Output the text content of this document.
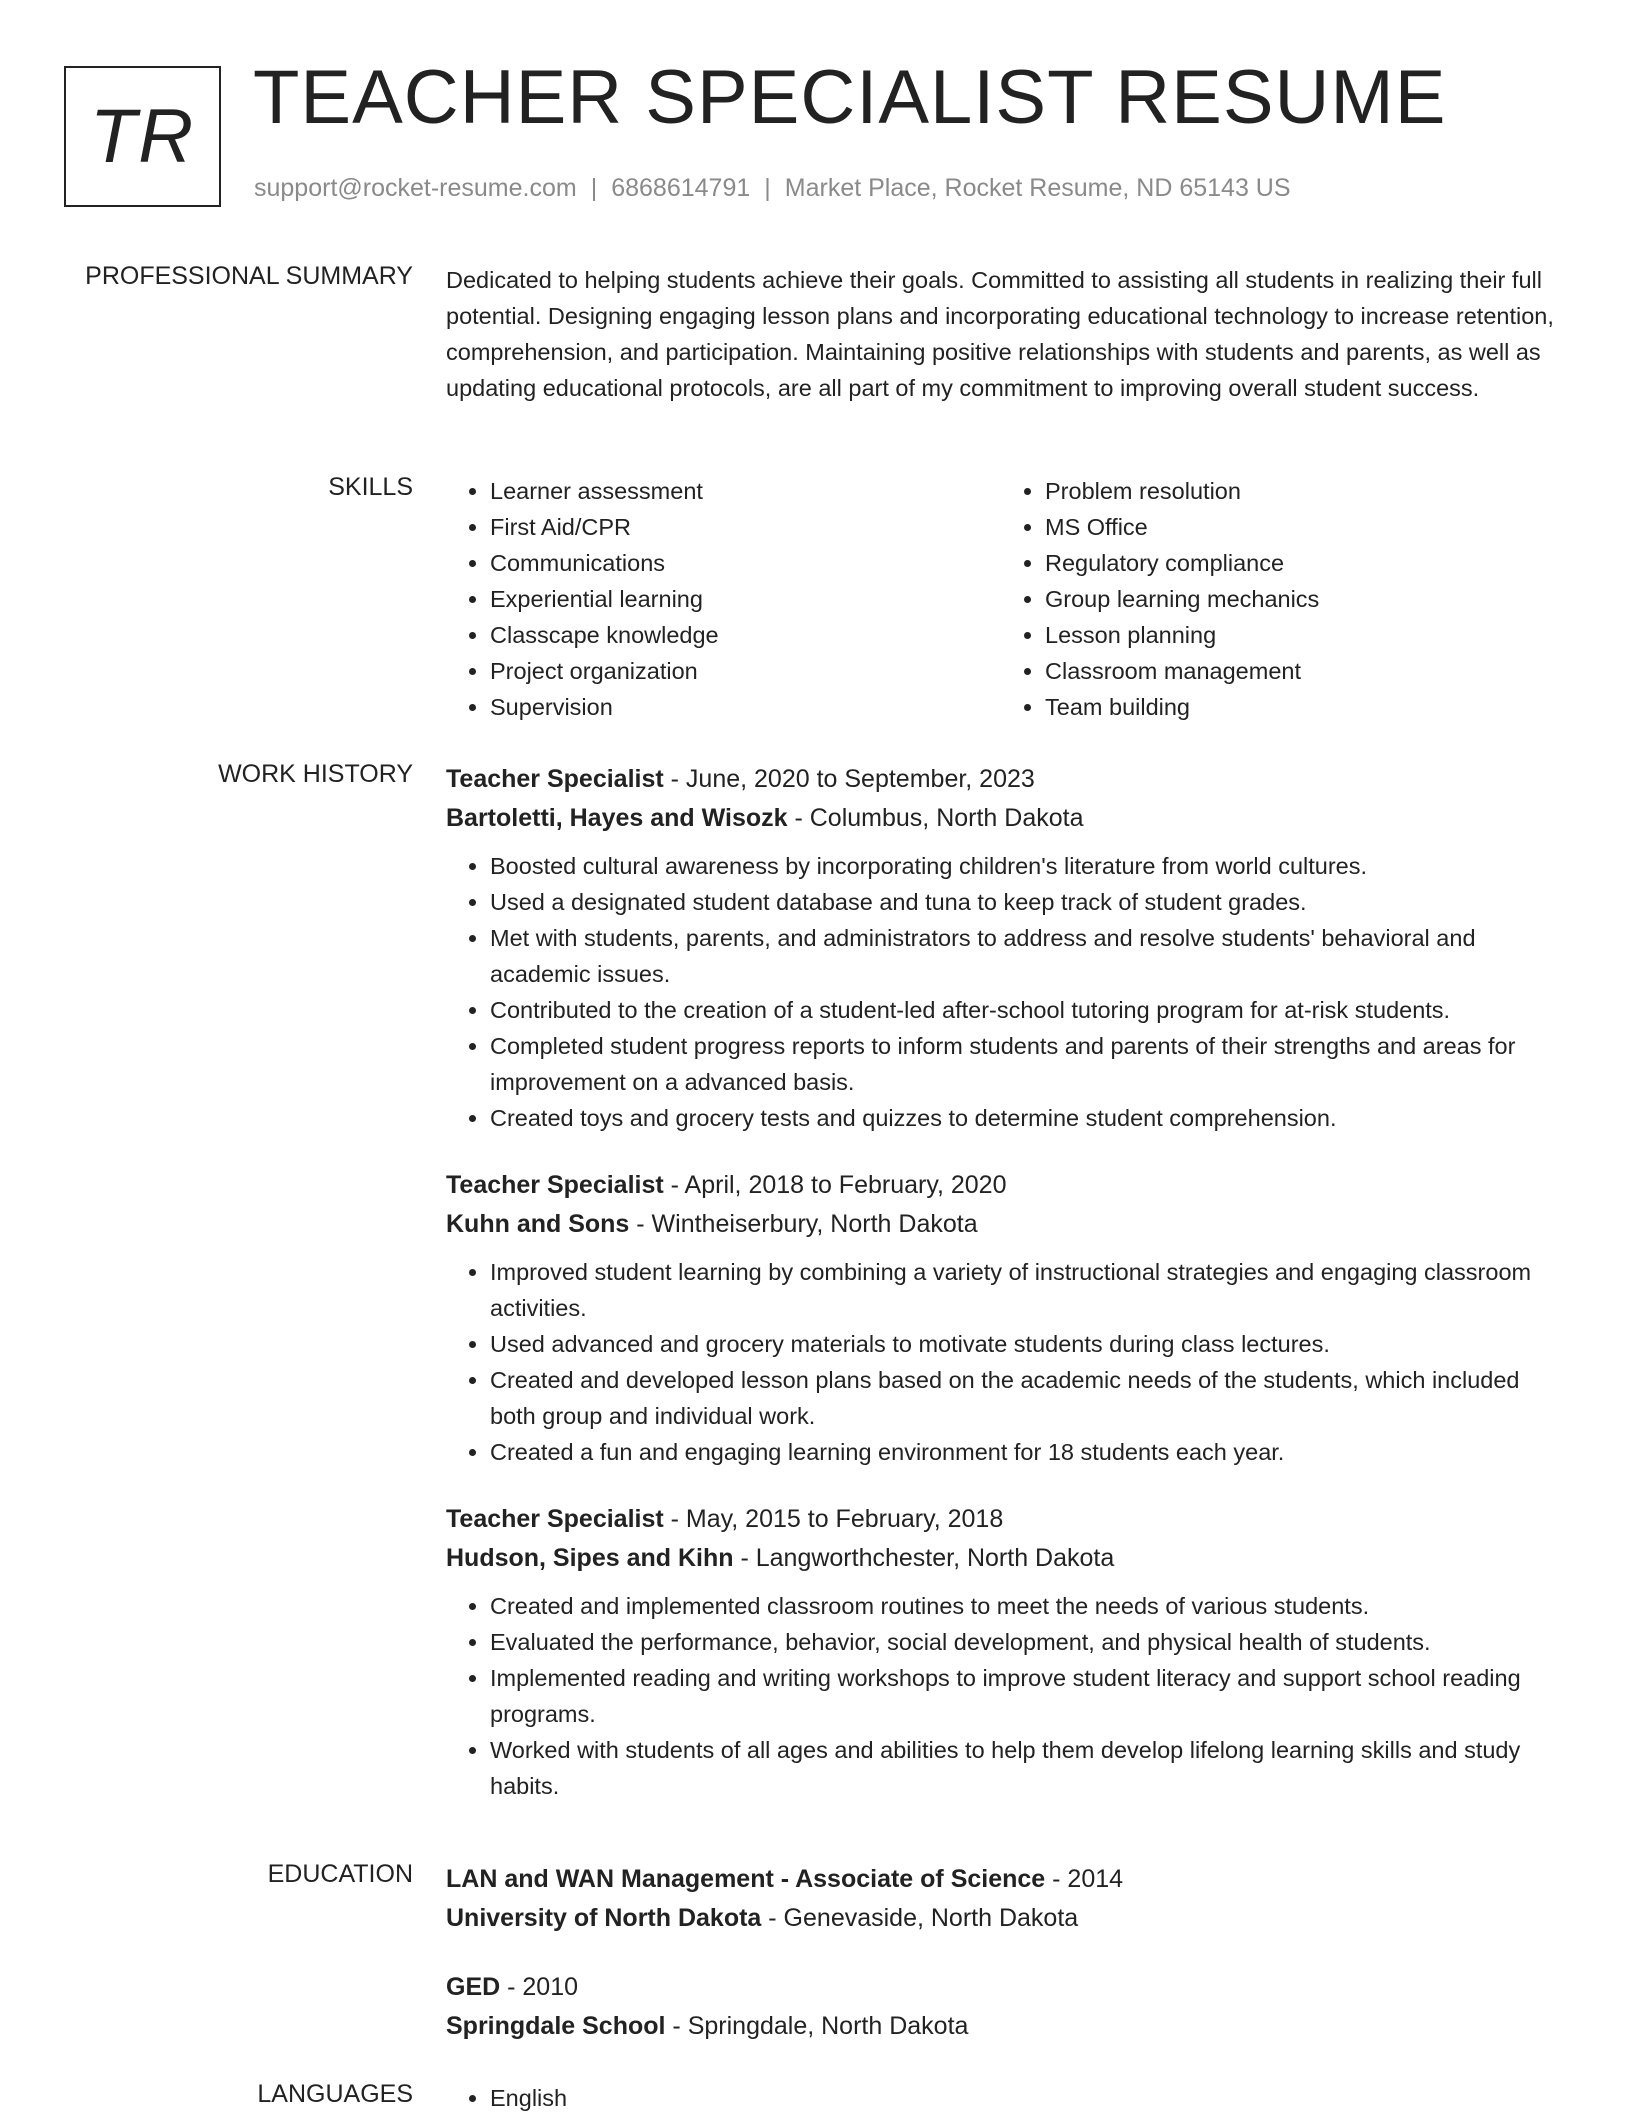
TR TEACHER SPECIALIST RESUME
support@rocket-resume.com | 6868614791 | Market Place, Rocket Resume, ND 65143 US
PROFESSIONAL SUMMARY Dedicated to helping students achieve their goals. Committed to assisting all students in realizing their full potential. Designing engaging lesson plans and incorporating educational technology to increase retention, comprehension, and participation. Maintaining positive relationships with students and parents, as well as updating educational protocols, are all part of my commitment to improving overall student success.

SKILLS	• Learner assessment
• First Aid/CPR
• Communications
• Experiential learning
• Classcape knowledge
• Project organization
• Supervision
• Problem resolution
• MS Office
• Regulatory compliance
• Group learning mechanics
• Lesson planning
• Classroom management
• Team building
WORK HISTORY Teacher Specialist - June, 2020 to September, 2023
Bartoletti, Hayes and Wisozk - Columbus, North Dakota
• Boosted cultural awareness by incorporating children's literature from world cultures.
• Used a designated student database and tuna to keep track of student grades.
• Met with students, parents, and administrators to address and resolve students' behavioral and academic issues.
• Contributed to the creation of a student-led after-school tutoring program for at-risk students.
• Completed student progress reports to inform students and parents of their strengths and areas for improvement on a advanced basis.
• Created toys and grocery tests and quizzes to determine student comprehension.
Teacher Specialist - April, 2018 to February, 2020
Kuhn and Sons - Wintheiserbury, North Dakota
• Improved student learning by combining a variety of instructional strategies and engaging classroom activities.
• Used advanced and grocery materials to motivate students during class lectures.
• Created and developed lesson plans based on the academic needs of the students, which included both group and individual work.
• Created a fun and engaging learning environment for 18 students each year.
Teacher Specialist - May, 2015 to February, 2018
Hudson, Sipes and Kihn - Langworthchester, North Dakota
• Created and implemented classroom routines to meet the needs of various students.
• Evaluated the performance, behavior, social development, and physical health of students.
• Implemented reading and writing workshops to improve student literacy and support school reading programs.
• Worked with students of all ages and abilities to help them develop lifelong learning skills and study habits.
EDUCATION LAN and WAN Management - Associate of Science - 2014
University of North Dakota - Genevaside, North Dakota
GED - 2010
Springdale School - Springdale, North Dakota
LANGUAGES	• English
